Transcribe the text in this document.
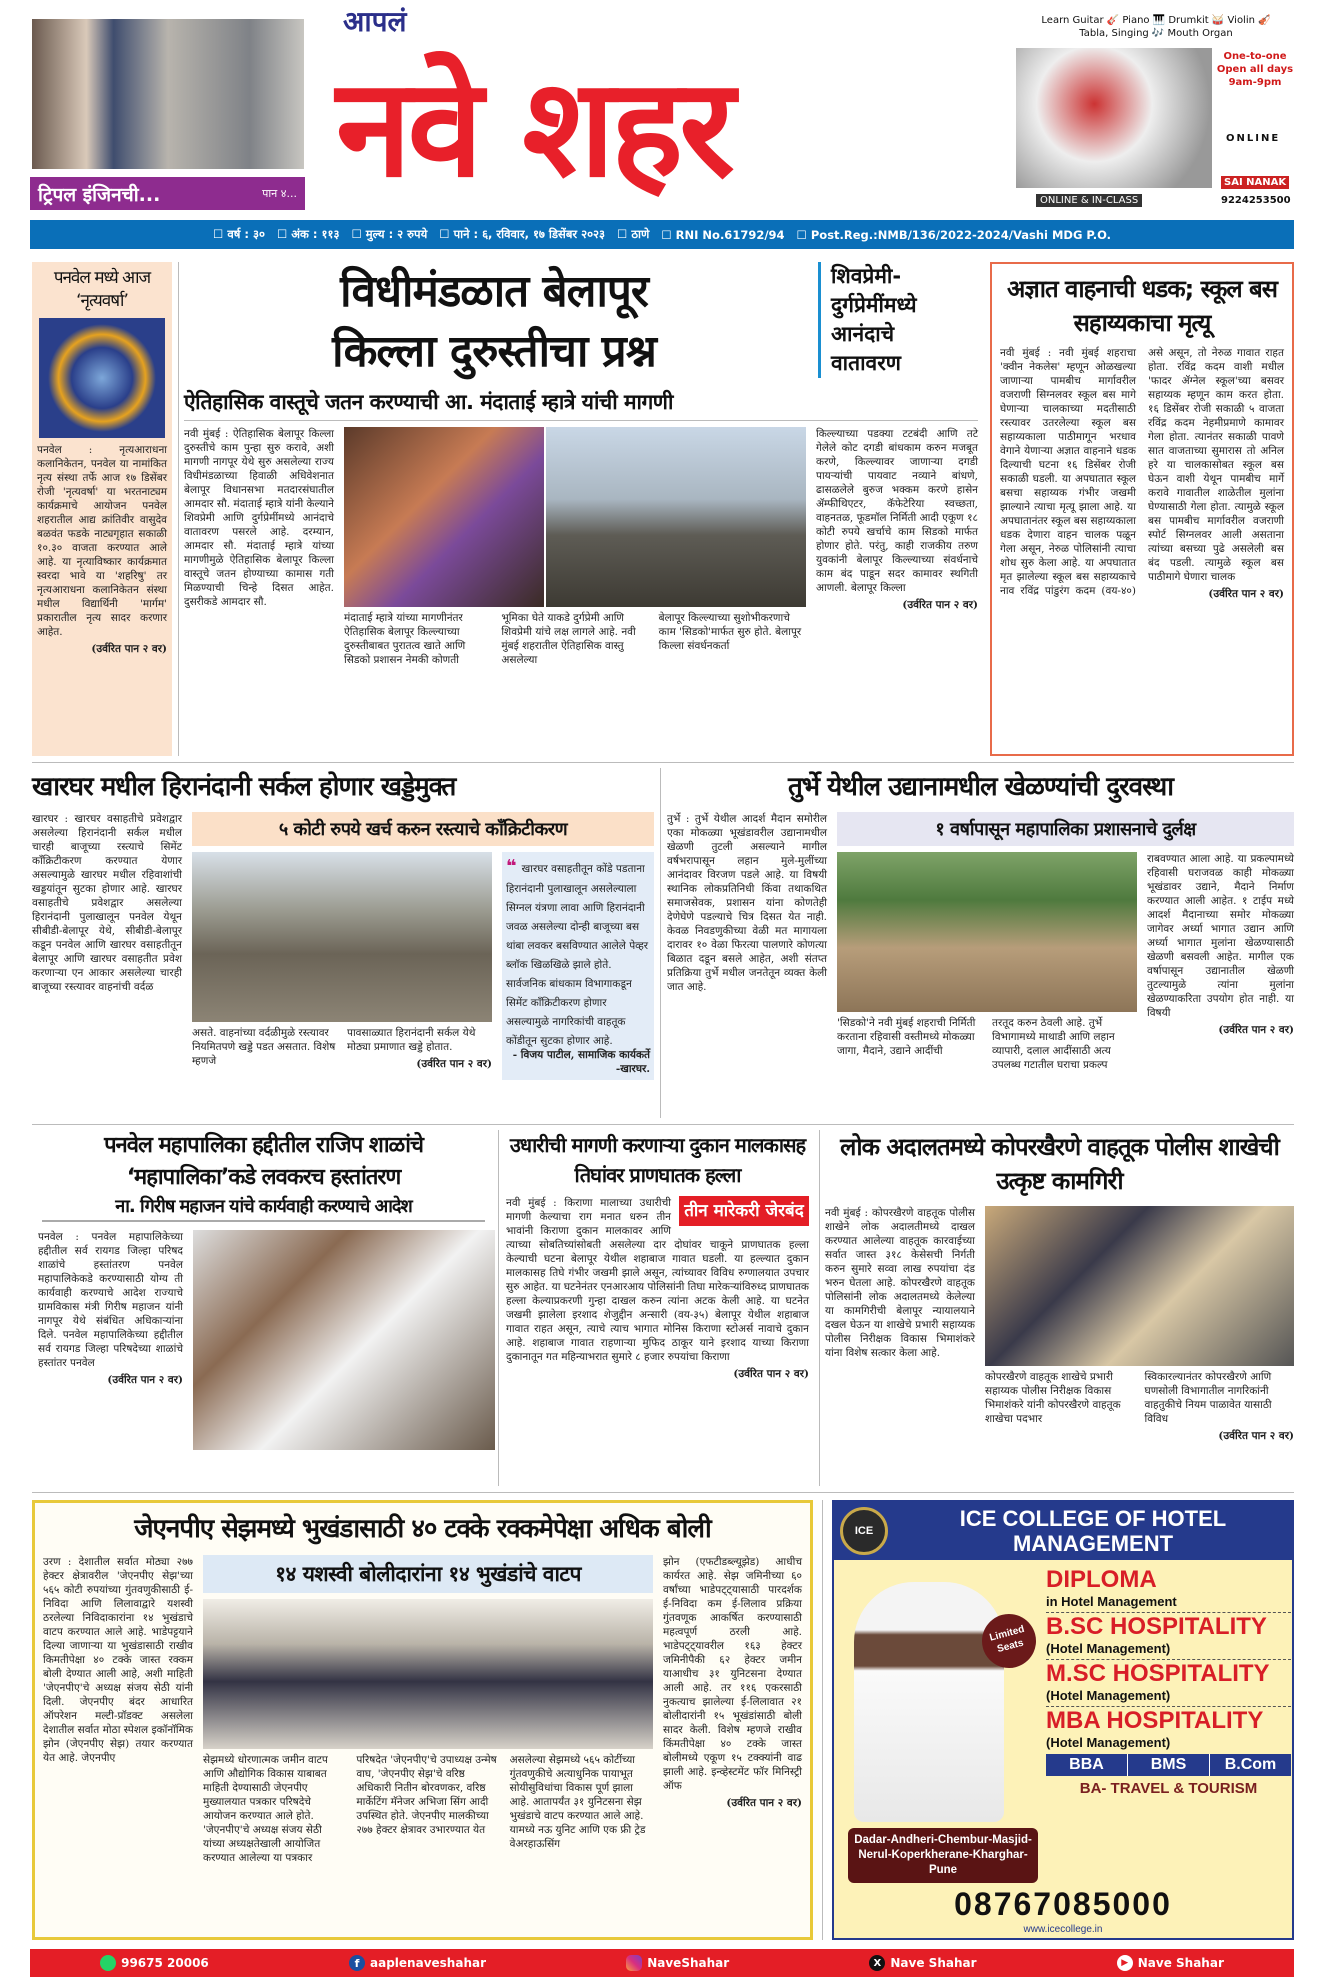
ट्रिपल इंजिनची...	पान ४...
आपलं
नवे शहर
Learn Guitar 🎸 Piano 🎹 Drumkit 🥁 Violin 🎻
Tabla, Singing 🎶 Mouth Organ
One-to-one Open all days 9am-9pm
ONLINE
ONLINE & IN-CLASS
SAI NANAK
9224253500
☐ वर्ष : ३०	☐ अंक : ११३	☐ मुल्य : २ रुपये	☐ पाने : ६, रविवार, १७ डिसेंबर २०२३	☐ ठाणे	☐ RNI No.61792/94	☐ Post.Reg.:NMB/136/2022-2024/Vashi MDG P.O.
पनवेल मध्ये आज ‘नृत्यवर्षा’
पनवेल : नृत्यआराधना कलानिकेतन, पनवेल या नामांकित नृत्य संस्था तर्फे आज १७ डिसेंबर रोजी 'नृत्यवर्षा' या भरतनाट्यम कार्यक्रमाचे आयोजन पनवेल शहरातील आद्य क्रांतिवीर वासुदेव बळवंत फडके नाट्यगृहात सकाळी १०.३० वाजता करण्यात आले आहे. या नृत्याविष्कार कार्यक्रमात स्वरदा भावे या 'शहरिषु' तर नृत्यआराधना कलानिकेतन संस्था मधील विद्यार्थिनी 'मार्गम' प्रकारातील नृत्य सादर करणार आहेत.
(उर्वरित पान २ वर)
विधीमंडळात बेलापूर
किल्ला दुरुस्तीचा प्रश्न
शिवप्रेमी- दुर्गप्रेमींमध्ये आनंदाचे वातावरण
ऐतिहासिक वास्तूचे जतन करण्याची आ. मंदाताई म्हात्रे यांची मागणी
नवी मुंबई : ऐतिहासिक बेलापूर किल्ला दुरुस्तीचे काम पुन्हा सुरु करावे, अशी मागणी नागपूर येथे सुरु असलेल्या राज्य विधीमंडळाच्या हिवाळी अधिवेशनात बेलापूर विधानसभा मतदारसंघातील आमदार सौ. मंदाताई म्हात्रे यांनी केल्याने शिवप्रेमी आणि दुर्गप्रेमींमध्ये आनंदाचे वातावरण पसरले आहे. दरम्यान, आमदार सौ. मंदाताई म्हात्रे यांच्या मागणीमुळे ऐतिहासिक बेलापूर किल्ला वास्तूचे जतन होण्याच्या कामास गती मिळण्याची चिन्हे दिसत आहेत. दुसरीकडे आमदार सौ.
मंदाताई म्हात्रे यांच्या मागणीनंतर ऐतिहासिक बेलापूर किल्ल्याच्या दुरुस्तीबाबत पुरातत्व खाते आणि सिडको प्रशासन नेमकी कोणती
भूमिका घेते याकडे दुर्गप्रेमी आणि शिवप्रेमी यांचे लक्ष लागले आहे. नवी मुंबई शहरातील ऐतिहासिक वास्तु असलेल्या
बेलापूर किल्ल्याच्या सुशोभीकरणाचे काम 'सिडको'मार्फत सुरु होते. बेलापूर किल्ला संवर्धनकर्ता
किल्ल्याच्या पडक्या टटबंदी आणि तटे गेलेले कोट दगडी बांधकाम करुन मजबूत करणे, किल्ल्यावर जाणाऱ्या दगडी पायऱ्यांची पायवाट नव्याने बांधणे, ढासळलेले बुरुज भक्कम करणे हासेन ॲम्फीथिएटर, कॅफेटेरिया स्वच्छता, वाहनतळ, फूडमॉल निर्मिती आदी एकूण १८ कोटी रुपये खर्चाचे काम सिडको मार्फत होणार होते. परंतु, काही राजकीय तरुण युवकांनी बेलापूर किल्ल्याच्या संवर्धनाचे काम बंद पाडून सदर कामावर स्थगिती आणली. बेलापूर किल्ला
(उर्वरित पान २ वर)
अज्ञात वाहनाची धडक; स्कूल बस सहाय्यकाचा मृत्यू
नवी मुंबई : नवी मुंबई शहराचा 'क्वीन नेकलेस' म्हणून ओळखल्या जाणाऱ्या पामबीच मार्गावरील वजराणी सिग्नलवर स्कूल बस मागे घेणाऱ्या चालकाच्या मदतीसाठी रस्त्यावर उतरलेल्या स्कूल बस सहाय्यकाला पाठीमागून भरधाव वेगाने येणाऱ्या अज्ञात वाहनाने धडक दिल्याची घटना १६ डिसेंबर रोजी सकाळी घडली. या अपघातात स्कूल बसचा सहाय्यक गंभीर जखमी झाल्याने त्याचा मृत्यू झाला आहे. या अपघातानंतर स्कूल बस सहाय्यकाला धडक देणारा वाहन चालक पळून गेला असून, नेरुळ पोलिसांनी त्याचा शोध सुरु केला आहे. या अपघातात मृत झालेल्या स्कूल बस सहाय्यकाचे नाव रविंद्र पांडुरंग कदम (वय-४०) असे असून, तो नेरुळ गावात राहत होता. रविंद्र कदम वाशी मधील 'फादर ॲग्नेल स्कूल'च्या बसवर सहाय्यक म्हणून काम करत होता. १६ डिसेंबर रोजी सकाळी ५ वाजता रविंद्र कदम नेहमीप्रमाणे कामावर गेला होता. त्यानंतर सकाळी पावणे सात वाजताच्या सुमारास तो अनिल हरे या चालकासोबत स्कूल बस घेऊन वाशी येथून पामबीच मार्गे करावे गावातील शाळेतील मुलांना घेण्यासाठी गेला होता. त्यामुळे स्कूल बस पामबीच मार्गावरील वजराणी स्पोर्ट सिग्नलवर आली असताना त्यांच्या बसच्या पुढे असलेली बस बंद पडली. त्यामुळे स्कूल बस पाठीमागे घेणारा चालक
(उर्वरित पान २ वर)
खारघर मधील हिरानंदानी सर्कल होणार खड्डेमुक्त
खारघर : खारघर वसाहतीचे प्रवेशद्वार असलेल्या हिरानंदानी सर्कल मधील चारही बाजूच्या रस्त्याचे सिमेंट कॉंक्रिटीकरण करण्यात येणार असल्यामुळे खारघर मधील रहिवाशांची खड्डयांतून सुटका होणार आहे. खारघर वसाहतीचे प्रवेशद्वार असलेल्या हिरानंदानी पुलाखालून पनवेल येथून सीबीडी-बेलापूर येथे, सीबीडी-बेलापूर कडून पनवेल आणि खारघर वसाहतीतून बेलापूर आणि खारघर वसाहतीत प्रवेश करणाऱ्या एन आकार असलेल्या चारही बाजूच्या रस्त्यावर वाहनांची वर्दळ
५ कोटी रुपये खर्च करुन रस्त्याचे कॉंक्रिटीकरण
असते. वाहनांच्या वर्दळीमुळे रस्त्यावर नियमितपणे खड्डे पडत असतात. विशेष म्हणजे
पावसाळ्यात हिरानंदानी सर्कल येथे मोठ्या प्रमाणात खड्डे होतात.
(उर्वरित पान २ वर)
❝ खारघर वसाहतीतून कोंडे पडताना हिरानंदानी पुलाखालून असलेल्याला सिग्नल यंत्रणा लावा आणि हिरानंदानी जवळ असलेल्या दोन्ही बाजूच्या बस थांबा लवकर बसविण्यात आलेले पेव्हर ब्लॉक खिळखिळे झाले होते. सार्वजनिक बांधकाम विभागाकडून सिमेंट कॉंक्रिटीकरण होणार असल्यामुळे नागरिकांची वाहतूक कोंडीतून सुटका होणार आहे.
- विजय पाटील, सामाजिक कार्यकर्ते -खारघर.
तुर्भे येथील उद्यानामधील खेळण्यांची दुरवस्था
तुर्भे : तुर्भे येथील आदर्श मैदान समोरील एका मोकळ्या भूखंडावरील उद्यानामधील खेळणी तुटली असल्याने मागील वर्षभरापासून लहान मुले-मुलींच्या आनंदावर विरजण पडले आहे. या विषयी स्थानिक लोकप्रतिनिधी किंवा तथाकथित समाजसेवक, प्रशासन यांना कोणतेही देणेघेणे पडल्याचे चित्र दिसत येत नाही. केवळ निवडणुकीच्या वेळी मत मागायला दारावर १० वेळा फिरत्या पालणारे कोणत्या बिळात दडून बसले आहेत, अशी संतप्त प्रतिक्रिया तुर्भे मधील जनतेतून व्यक्त केली जात आहे.
१ वर्षापासून महापालिका प्रशासनाचे दुर्लक्ष
'सिडको'ने नवी मुंबई शहराची निर्मिती करताना रहिवासी वस्तीमध्ये मोकळ्या जागा, मैदाने, उद्याने आदींची
तरतूद करुन ठेवली आहे. तुर्भे विभागामध्ये माथाडी आणि लहान व्यापारी, दलाल आदींसाठी अत्य उपलब्ध गटातील घराचा प्रकल्प
राबवण्यात आला आहे. या प्रकल्पामध्ये रहिवासी घराजवळ काही मोकळ्या भूखंडावर उद्याने, मैदाने निर्माण करण्यात आली आहेत. १ टाईप मध्ये आदर्श मैदानाच्या समोर मोकळ्या जागेवर अर्ध्या भागात उद्यान आणि अर्ध्या भागात मुलांना खेळण्यासाठी खेळणी बसवली आहेत. मागील एक वर्षापासून उद्यानातील खेळणी तुटल्यामुळे त्यांना मुलांना खेळण्याकरिता उपयोग होत नाही. या विषयी
(उर्वरित पान २ वर)
पनवेल महापालिका हद्दीतील राजिप शाळांचे
‘महापालिका’कडे लवकरच हस्तांतरण
ना. गिरीष महाजन यांचे कार्यवाही करण्याचे आदेश
पनवेल : पनवेल महापालिकेच्या हद्दीतील सर्व रायगड जिल्हा परिषद शाळांचे हस्तांतरण पनवेल महापालिकेकडे करण्यासाठी योग्य ती कार्यवाही करण्याचे आदेश राज्याचे ग्रामविकास मंत्री गिरीष महाजन यांनी नागपूर येथे संबंधित अधिकाऱ्यांना दिले. पनवेल महापालिकेच्या हद्दीतील सर्व रायगड जिल्हा परिषदेच्या शाळांचे हस्तांतर पनवेल
(उर्वरित पान २ वर)
उधारीची मागणी करणाऱ्या दुकान मालकासह तिघांवर प्राणघातक हल्ला
तीन मारेकरी जेरबंद
नवी मुंबई : किराणा मालाच्या उधारीची मागणी केल्याचा राग मनात धरुन तीन भावांनी किराणा दुकान मालकावर आणि त्याच्या सोबतिच्यांसोबती असलेल्या दार दोघांवर चाकूने प्राणघातक हल्ला केल्याची घटना बेलापूर येथील शहाबाज गावात घडली. या हल्ल्यात दुकान मालकासह तिघे गंभीर जखमी झाले असून, त्यांच्यावर विविध रुग्णालयात उपचार सुरु आहेत. या घटनेनंतर एनआरआय पोलिसांनी तिघा मारेकऱ्यांविरुध्द प्राणघातक हल्ला केल्याप्रकरणी गुन्हा दाखल करुन त्यांना अटक केली आहे. या घटनेत जखमी झालेला इरशाद शेजुद्दीन अन्सारी (वय-३५) बेलापूर येथील शहाबाज गावात राहत असून, त्याचे त्याच भागात मोनिस किराणा स्टोअर्स नावाचे दुकान आहे. शहाबाज गावात राहणाऱ्या मुफिद ठाकूर याने इरशाद याच्या किराणा दुकानातून गत महिन्याभरात सुमारे ८ हजार रुपयांचा किराणा
(उर्वरित पान २ वर)
लोक अदालतमध्ये कोपरखैरणे वाहतूक पोलीस शाखेची उत्कृष्ट कामगिरी
नवी मुंबई : कोपरखैरणे वाहतूक पोलीस शाखेने लोक अदालतीमध्ये दाखल करण्यात आलेल्या वाहतूक कारवाईच्या सर्वात जास्त ३१८ केसेसची निर्गती करुन सुमारे सव्वा लाख रुपयांचा दंड भरुन घेतला आहे. कोपरखैरणे वाहतूक पोलिसांनी लोक अदालतमध्ये केलेल्या या कामगिरीची बेलापूर न्यायालयाने दखल घेऊन या शाखेचे प्रभारी सहाय्यक पोलीस निरीक्षक विकास भिमाशंकरे यांना विशेष सत्कार केला आहे.
कोपरखैरणे वाहतूक शाखेचे प्रभारी सहाय्यक पोलीस निरीक्षक विकास भिमाशंकरे यांनी कोपरखैरणे वाहतूक शाखेचा पदभार
स्विकारल्यानंतर कोपरखैरणे आणि घणसोली विभागातील नागरिकांनी वाहतुकीचे नियम पाळावेत यासाठी विविध
(उर्वरित पान २ वर)
जेएनपीए सेझमध्ये भुखंडासाठी ४० टक्के रक्कमेपेक्षा अधिक बोली
उरण : देशातील सर्वात मोठ्या २७७ हेक्टर क्षेत्रावरील 'जेएनपीए सेझ'च्या ५६५ कोटी रुपयांच्या गुंतवणुकीसाठी ई-निविदा आणि लिलावाद्वारे यशस्वी ठरलेल्या निविदाकारांना १४ भुखंडाचे वाटप करण्यात आले आहे. भाडेपट्टयाने दिल्या जाणाऱ्या या भुखंडासाठी राखीव किमतीपेक्षा ४० टक्के जास्त रक्कम बोली देण्यात आली आहे, अशी माहिती 'जेएनपीए'चे अध्यक्ष संजय सेठी यांनी दिली. जेएनपीए बंदर आधारित ऑपरेशन मल्टी-प्रॉडक्ट असलेला देशातील सर्वात मोठा स्पेशल इकॉनॉमिक झोन (जेएनपीए सेझ) तयार करण्यात येत आहे. जेएनपीए
१४ यशस्वी बोलीदारांना १४ भुखंडांचे वाटप
सेझमध्ये धोरणात्मक जमीन वाटप आणि औद्योगिक विकास याबाबत माहिती देण्यासाठी जेएनपीए मुख्यालयात पत्रकार परिषदेचे आयोजन करण्यात आले होते. 'जेएनपीए'चे अध्यक्ष संजय सेठी यांच्या अध्यक्षतेखाली आयोजित करण्यात आलेल्या या पत्रकार
परिषदेत 'जेएनपीए'चे उपाध्यक्ष उन्मेष वाघ, 'जेएनपीए सेझ'चे वरिष्ठ अधिकारी नितीन बोरवणकर, वरिष्ठ मार्केटिंग मॅनेजर अभिजा सिंग आदी उपस्थित होते. जेएनपीए मालकीच्या २७७ हेक्टर क्षेत्रावर उभारण्यात येत
असलेल्या सेझमध्ये ५६५ कोटींच्या गुंतवणुकीचे अत्याधुनिक पायाभूत सोयीसुविधांचा विकास पूर्ण झाला आहे. आतापर्यंत ३१ युनिटसना सेझ भुखंडाचे वाटप करण्यात आले आहे. यामध्ये नऊ युनिट आणि एक फ्री ट्रेड वेअरहाऊसिंग
झोन (एफटीडब्ल्यूझेड) आधीच कार्यरत आहे. सेझ जमिनीच्या ६० वर्षांच्या भाडेपट्ट्यासाठी पारदर्शक ई-निविदा कम ई-लिलाव प्रक्रिया गुंतवणूक आकर्षित करण्यासाठी महत्वपूर्ण ठरली आहे. भाडेपट्ट्यावरील १६३ हेक्टर जमिनीपैकी ६२ हेक्टर जमीन याआधीच ३१ युनिटसना देण्यात आली आहे. तर ११६ एकरसाठी नुकत्याच झालेल्या ई-लिलावात २१ बोलीदारांनी १५ भूखंडांसाठी बोली सादर केली. विशेष म्हणजे राखीव किंमतीपेक्षा ४० टक्के जास्त बोलीमध्ये एकूण १५ टक्क्यांनी वाढ झाली आहे. इन्व्हेस्टमेंट फॉर मिनिस्ट्री ऑफ
(उर्वरित पान २ वर)
ICE	ICE COLLEGE OF HOTEL MANAGEMENT
Limited Seats
DIPLOMA
in Hotel Management
B.SC HOSPITALITY
(Hotel Management)
M.SC HOSPITALITY
(Hotel Management)
MBA HOSPITALITY
(Hotel Management)
BBA	BMS	B.Com
BA- TRAVEL & TOURISM
Dadar-Andheri-Chembur-Masjid-Nerul-Koperkherane-Kharghar-Pune
08767085000
www.icecollege.in
99675 20006	f aaplenaveshahar	NaveShahar	X Nave Shahar	▶ Nave Shahar
